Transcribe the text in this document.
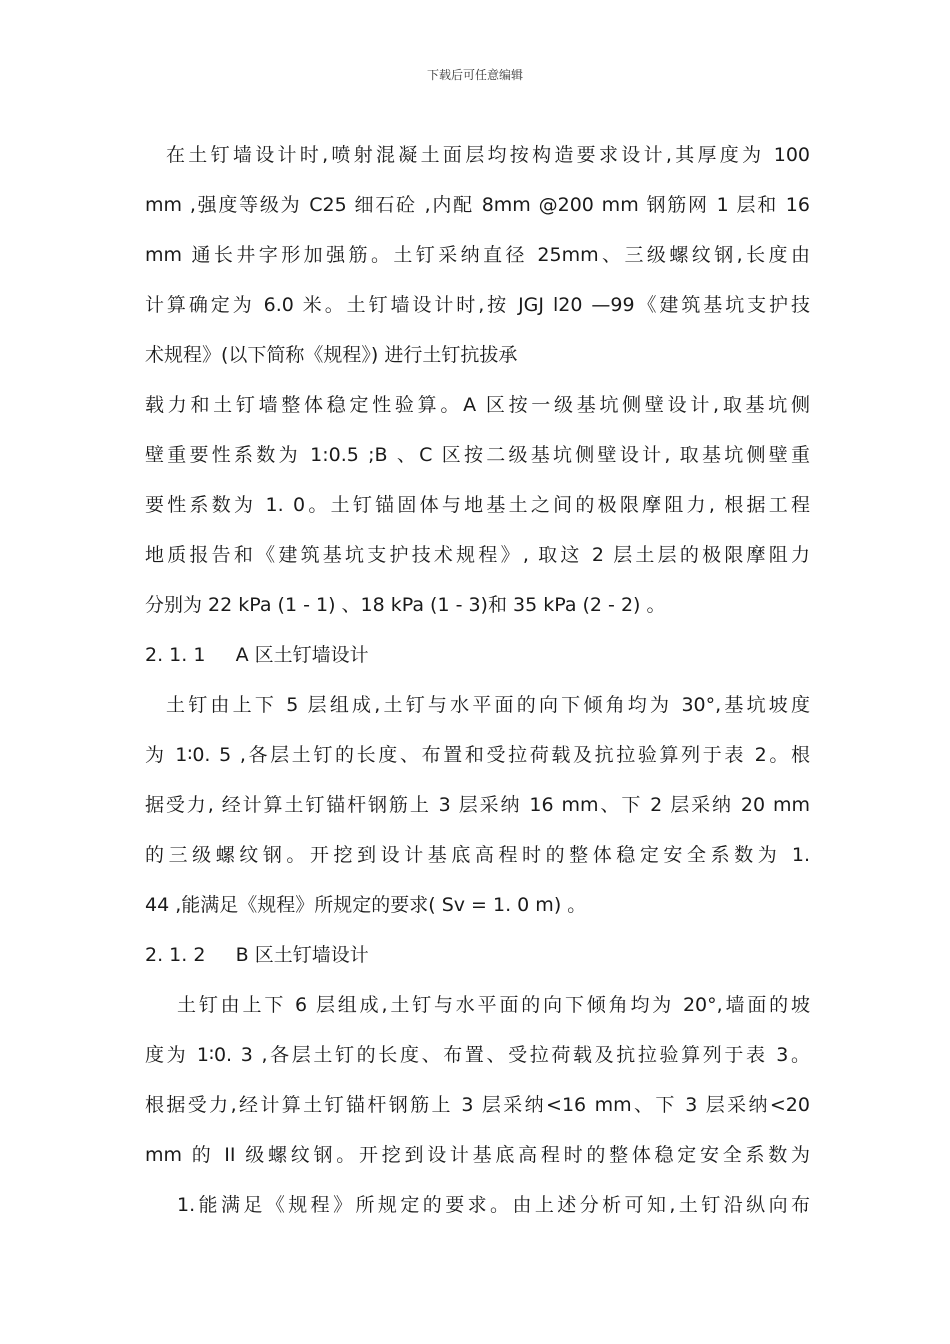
下载后可任意编辑
在土钉墙设计时,喷射混凝土面层均按构造要求设计,其厚度为 100
mm ,强度等级为 C25 细石砼 ,内配 8mm @200 mm 钢筋网 1 层和 16
mm 通长井字形加强筋。土钉采纳直径 25mm、三级螺纹钢,长度由
计算确定为 6.0 米。土钉墙设计时,按 JGJ l20 —99《建筑基坑支护技
术规程》(以下简称《规程》) 进行土钉抗拔承
载力和土钉墙整体稳定性验算。A 区按一级基坑侧壁设计,取基坑侧
壁重要性系数为 1:0.5 ;B 、C 区按二级基坑侧壁设计, 取基坑侧壁重
要性系数为 1. 0。土钉锚固体与地基土之间的极限摩阻力, 根据工程
地质报告和《建筑基坑支护技术规程》, 取这 2 层土层的极限摩阻力
分别为 22 kPa (1 - 1) 、18 kPa (1 - 3)和 35 kPa (2 - 2) 。
2. 1. 1     A 区土钉墙设计
土钉由上下 5 层组成,土钉与水平面的向下倾角均为 30°,基坑坡度
为 1∶0. 5 ,各层土钉的长度、布置和受拉荷载及抗拉验算列于表 2。根
据受力, 经计算土钉锚杆钢筋上 3 层采纳 16 mm、下 2 层采纳 20 mm
的三级螺纹钢。开挖到设计基底高程时的整体稳定安全系数为 1.
44 ,能满足《规程》所规定的要求( Sv = 1. 0 m) 。
2. 1. 2     B 区土钉墙设计
土钉由上下 6 层组成,土钉与水平面的向下倾角均为 20°,墙面的坡
度为 1∶0. 3 ,各层土钉的长度、布置、受拉荷载及抗拉验算列于表 3。
根据受力,经计算土钉锚杆钢筋上 3 层采纳<16 mm、下 3 层采纳<20
mm 的 II 级螺纹钢。开挖到设计基底高程时的整体稳定安全系数为
1.能满足《规程》所规定的要求。由上述分析可知,土钉沿纵向布
